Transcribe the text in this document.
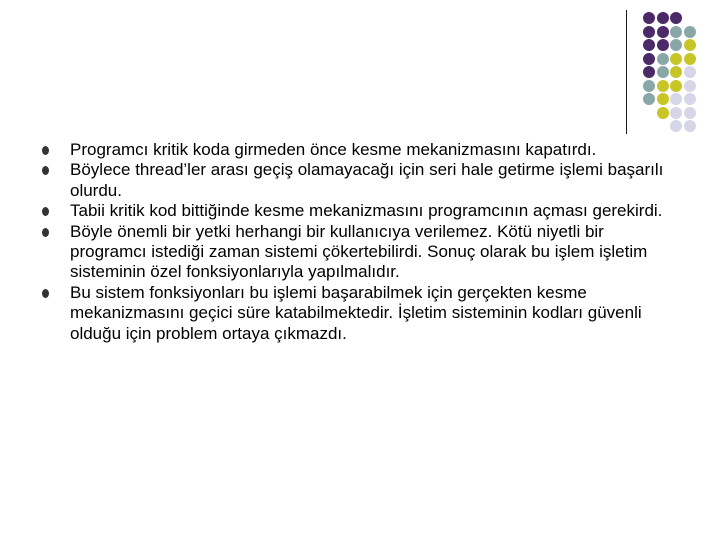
Programcı kritik koda girmeden önce kesme mekanizmasını kapatırdı.
Böylece thread’ler arası geçiş olamayacağı için seri hale getirme işlemi başarılı olurdu.
Tabii kritik kod bittiğinde kesme mekanizmasını programcının açması gerekirdi.
Böyle önemli bir yetki herhangi bir kullanıcıya verilemez. Kötü niyetli bir programcı istediği zaman sistemi çökertebilirdi. Sonuç olarak bu işlem işletim sisteminin özel fonksiyonlarıyla yapılmalıdır.
Bu sistem fonksiyonları bu işlemi başarabilmek için gerçekten kesme mekanizmasını geçici süre katabilmektedir. İşletim sisteminin kodları güvenli olduğu için problem ortaya çıkmazdı.
